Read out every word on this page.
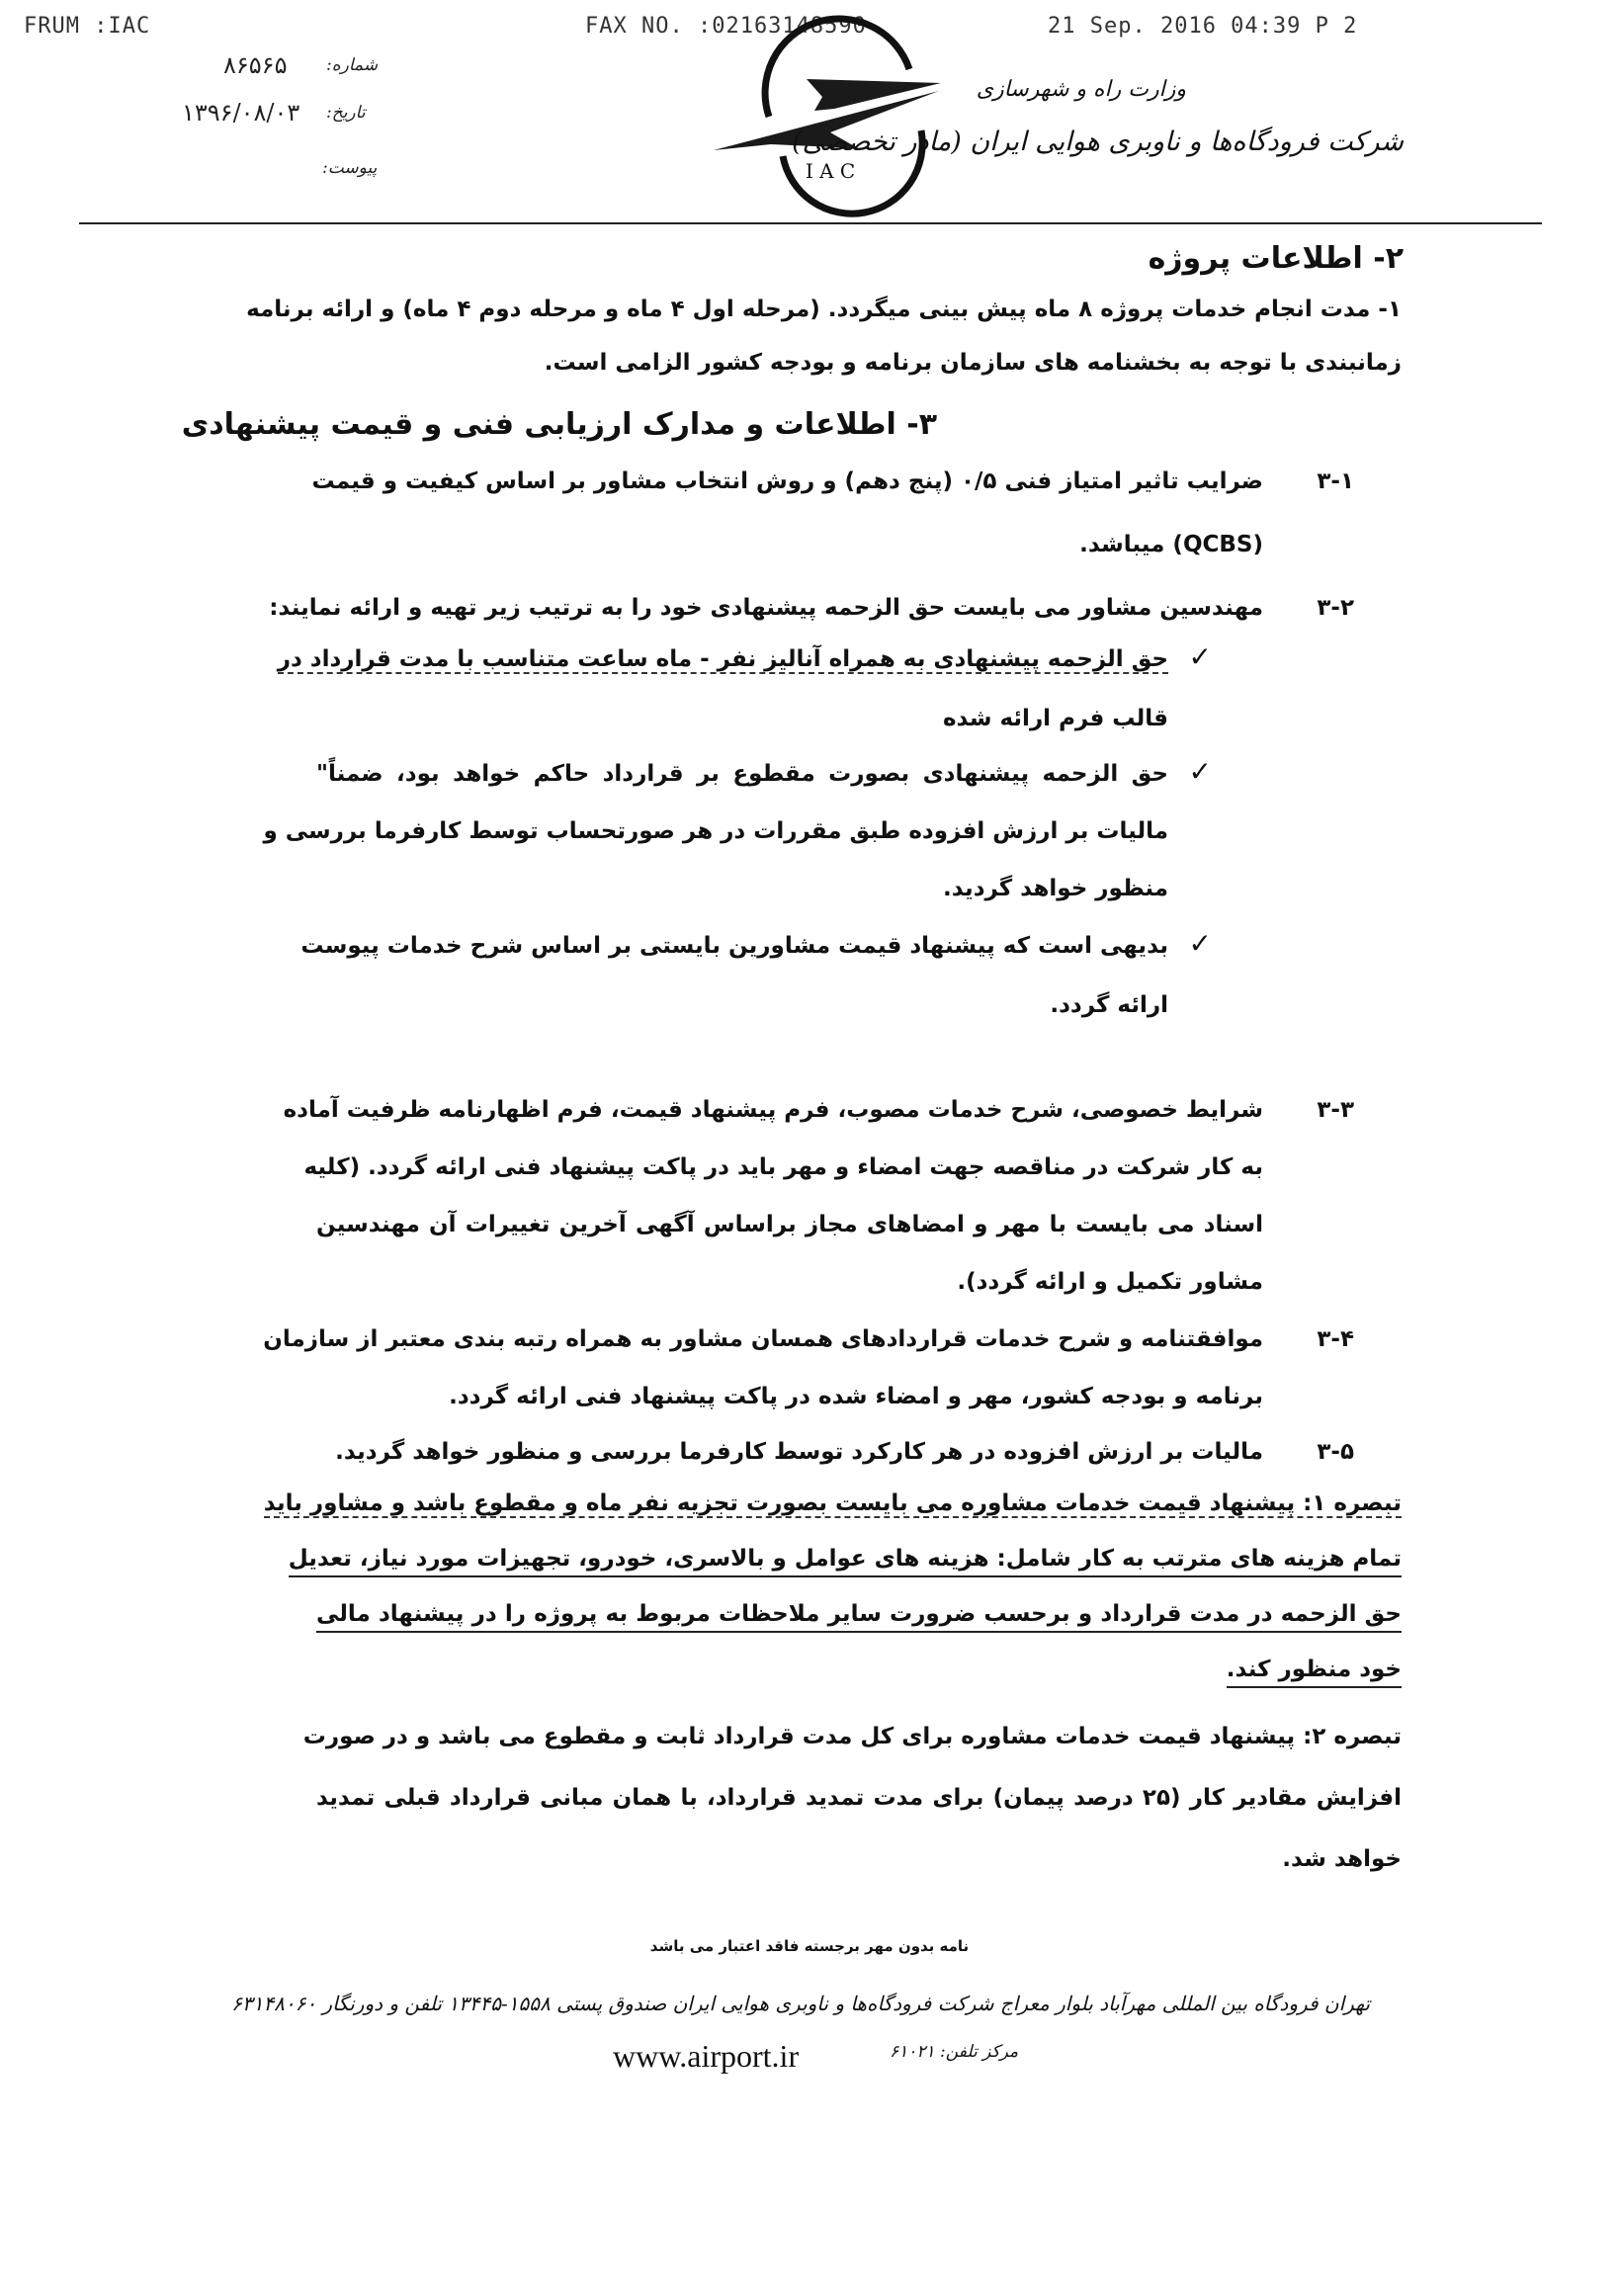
FRUM :IAC	FAX NO. :02163148590	21 Sep. 2016 04:39 P 2
شماره:
۸۶۵۶۵
تاریخ:
۱۳۹۶/۰۸/۰۳
پیوست:	I A C
وزارت راه و شهرسازی
شرکت فرودگاه‌ها و ناوبری هوایی ایران (مادر تخصصی)
۲- اطلاعات پروژه
۱- مدت انجام خدمات پروژه ۸ ماه پیش بینی میگردد. (مرحله اول ۴ ماه و مرحله دوم ۴ ماه) و ارائه برنامه
زمانبندی با توجه به بخشنامه های سازمان برنامه و بودجه کشور الزامی است.
۳- اطلاعات و مدارک ارزیابی فنی و قیمت پیشنهادی
۳-۱
ضرایب تاثیر امتیاز فنی ۰/۵ (پنج دهم) و روش انتخاب مشاور بر اساس کیفیت و قیمت
(QCBS) میباشد.
۳-۲
مهندسین مشاور می بایست حق الزحمه پیشنهادی خود را به ترتیب زیر تهیه و ارائه نمایند:
✓
حق الزحمه پیشنهادی به همراه آنالیز نفر - ماه ساعت متناسب با مدت قرارداد در
قالب فرم ارائه شده
✓
حق الزحمه پیشنهادی بصورت مقطوع بر قرارداد حاکم خواهد بود، ضمناً"
مالیات بر ارزش افزوده طبق مقررات در هر صورتحساب توسط کارفرما بررسی و
منظور خواهد گردید.
✓
بدیهی است که پیشنهاد قیمت مشاورین بایستی بر اساس شرح خدمات پیوست
ارائه گردد.
۳-۳
شرایط خصوصی، شرح خدمات مصوب، فرم پیشنهاد قیمت، فرم اظهارنامه ظرفیت آماده
به کار شرکت در مناقصه جهت امضاء و مهر باید در پاکت پیشنهاد فنی ارائه گردد. (کلیه
اسناد می بایست با مهر و امضاهای مجاز براساس آگهی آخرین تغییرات آن مهندسین
مشاور تکمیل و ارائه گردد).
۳-۴
موافقتنامه و شرح خدمات قراردادهای همسان مشاور به همراه رتبه بندی معتبر از سازمان
برنامه و بودجه کشور، مهر و امضاء شده در پاکت پیشنهاد فنی ارائه گردد.
۳-۵
مالیات بر ارزش افزوده در هر کارکرد توسط کارفرما بررسی و منظور خواهد گردید.
تبصره ۱: پیشنهاد قیمت خدمات مشاوره می بایست بصورت تجزیه نفر ماه و مقطوع باشد و مشاور باید
تمام هزینه های مترتب به کار شامل: هزینه های عوامل و بالاسری، خودرو، تجهیزات مورد نیاز، تعدیل
حق الزحمه در مدت قرارداد و برحسب ضرورت سایر ملاحظات مربوط به پروژه را در پیشنهاد مالی
خود منظور کند.
تبصره ۲: پیشنهاد قیمت خدمات مشاوره برای کل مدت قرارداد ثابت و مقطوع می باشد و در صورت
افزایش مقادیر کار (۲۵ درصد پیمان) برای مدت تمدید قرارداد، با همان مبانی قرارداد قبلی تمدید
خواهد شد.
نامه بدون مهر برجسته فاقد اعتبار می باشد
تهران فرودگاه بین المللی مهرآباد بلوار معراج شرکت فرودگاه‌ها و ناوبری هوایی ایران صندوق پستی ۱۵۵۸-۱۳۴۴۵ تلفن و دورنگار ۶۳۱۴۸۰۶۰
www.airport.ir	مرکز تلفن: ۶۱۰۲۱
